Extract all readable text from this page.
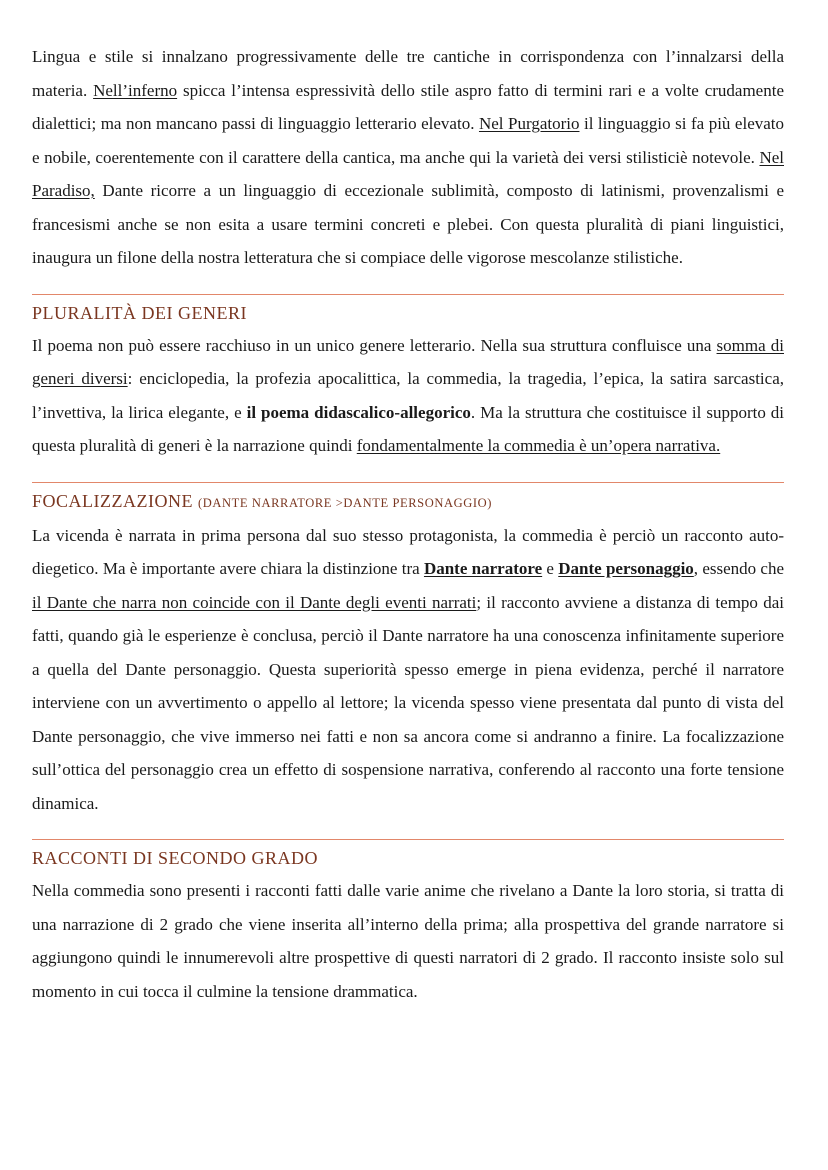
Lingua e stile si innalzano progressivamente delle tre cantiche in corrispondenza con l’innalzarsi della materia. Nell’inferno spicca l’intensa espressività dello stile aspro fatto di termini rari e a volte crudamente dialettici; ma non mancano passi di linguaggio letterario elevato. Nel Purgatorio il linguaggio si fa più elevato e nobile, coerentemente con il carattere della cantica, ma anche qui la varietà dei versi stilisticiè notevole. Nel Paradiso, Dante ricorre a un linguaggio di eccezionale sublimità, composto di latinismi, provenzalismi e francesismi anche se non esita a usare termini concreti e plebei. Con questa pluralità di piani linguistici, inaugura un filone della nostra letteratura che si compiace delle vigorose mescolanze stilistiche.

PLURALITÀ DEI GENERI

Il poema non può essere racchiuso in un unico genere letterario. Nella sua struttura confluisce una somma di generi diversi: enciclopedia, la profezia apocalittica, la commedia, la tragedia, l’epica, la satira sarcastica, l’invettiva, la lirica elegante, e il poema didascalico-allegorico. Ma la struttura che costituisce il supporto di questa pluralità di generi è la narrazione quindi fondamentalmente la commedia è un’opera narrativa.

FOCALIZZAZIONE (DANTE NARRATORE >DANTE PERSONAGGIO)

La vicenda è narrata in prima persona dal suo stesso protagonista, la commedia è perciò un racconto auto-diegetico. Ma è importante avere chiara la distinzione tra Dante narratore e Dante personaggio, essendo che il Dante che narra non coincide con il Dante degli eventi narrati; il racconto avviene a distanza di tempo dai fatti, quando già le esperienze è conclusa, perciò il Dante narratore ha una conoscenza infinitamente superiore a quella del Dante personaggio. Questa superiorità spesso emerge in piena evidenza, perché il narratore interviene con un avvertimento o appello al lettore; la vicenda spesso viene presentata dal punto di vista del Dante personaggio, che vive immerso nei fatti e non sa ancora come si andranno a finire. La focalizzazione sull’ottica del personaggio crea un effetto di sospensione narrativa, conferendo al racconto una forte tensione dinamica.

RACCONTI DI SECONDO GRADO

Nella commedia sono presenti i racconti fatti dalle varie anime che rivelano a Dante la loro storia, si tratta di una narrazione di 2 grado che viene inserita all’interno della prima; alla prospettiva del grande narratore si aggiungono quindi le innumerevoli altre prospettive di questi narratori di 2 grado. Il racconto insiste solo sul momento in cui tocca il culmine la tensione drammatica.
